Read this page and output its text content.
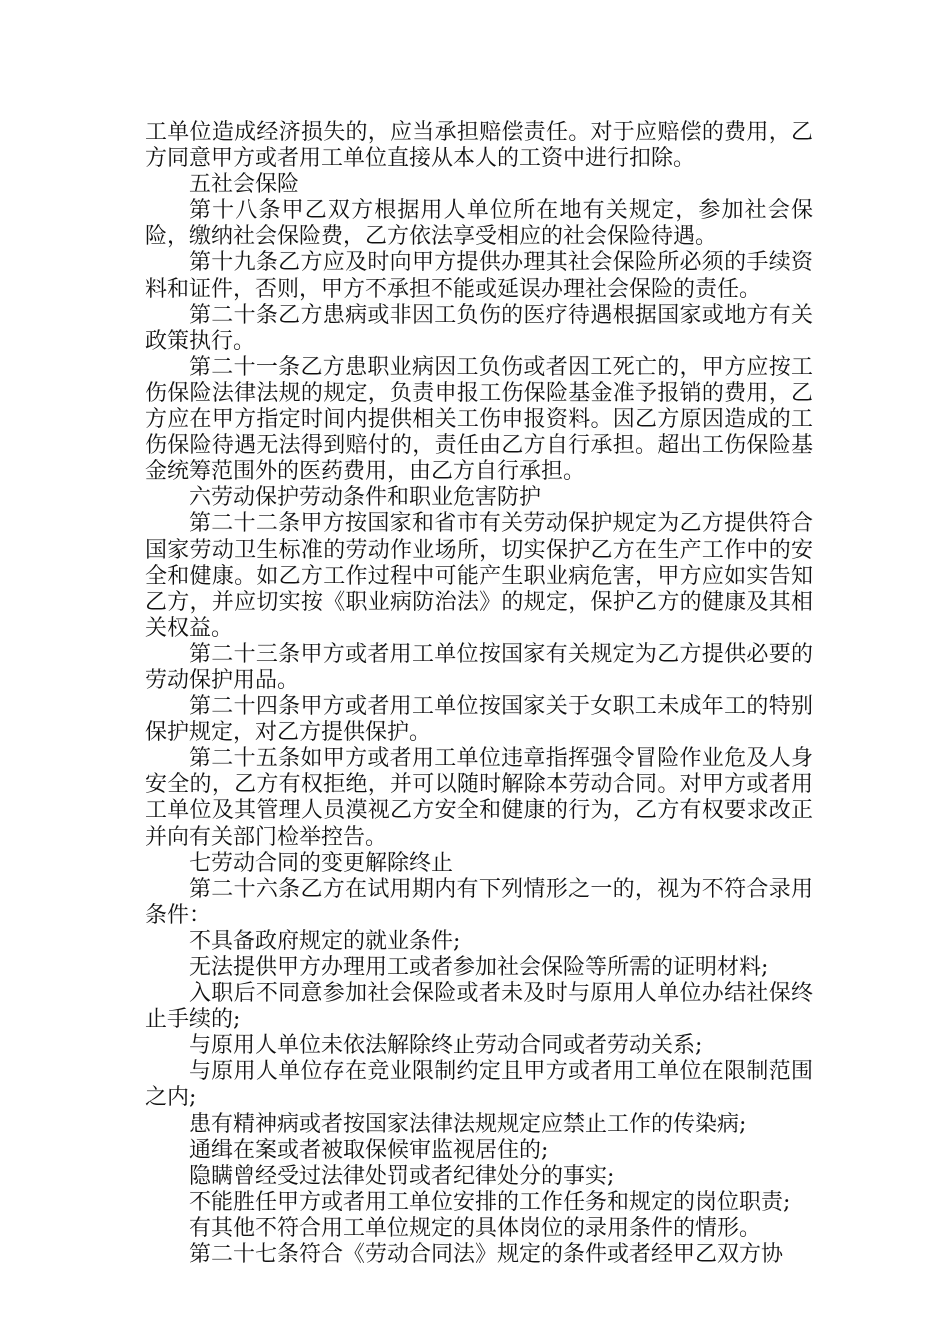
工单位造成经济损失的，应当承担赔偿责任。对于应赔偿的费用，乙方同意甲方或者用工单位直接从本人的工资中进行扣除。

五社会保险

第十八条甲乙双方根据用人单位所在地有关规定，参加社会保险，缴纳社会保险费，乙方依法享受相应的社会保险待遇。

第十九条乙方应及时向甲方提供办理其社会保险所必须的手续资料和证件，否则，甲方不承担不能或延误办理社会保险的责任。

第二十条乙方患病或非因工负伤的医疗待遇根据国家或地方有关政策执行。

第二十一条乙方患职业病因工负伤或者因工死亡的，甲方应按工伤保险法律法规的规定，负责申报工伤保险基金准予报销的费用，乙方应在甲方指定时间内提供相关工伤申报资料。因乙方原因造成的工伤保险待遇无法得到赔付的，责任由乙方自行承担。超出工伤保险基金统筹范围外的医药费用，由乙方自行承担。

六劳动保护劳动条件和职业危害防护

第二十二条甲方按国家和省市有关劳动保护规定为乙方提供符合国家劳动卫生标准的劳动作业场所，切实保护乙方在生产工作中的安全和健康。如乙方工作过程中可能产生职业病危害，甲方应如实告知乙方，并应切实按《职业病防治法》的规定，保护乙方的健康及其相关权益。

第二十三条甲方或者用工单位按国家有关规定为乙方提供必要的劳动保护用品。

第二十四条甲方或者用工单位按国家关于女职工未成年工的特别保护规定，对乙方提供保护。

第二十五条如甲方或者用工单位违章指挥强令冒险作业危及人身安全的，乙方有权拒绝，并可以随时解除本劳动合同。对甲方或者用工单位及其管理人员漠视乙方安全和健康的行为，乙方有权要求改正并向有关部门检举控告。

七劳动合同的变更解除终止

第二十六条乙方在试用期内有下列情形之一的，视为不符合录用条件：

不具备政府规定的就业条件;

无法提供甲方办理用工或者参加社会保险等所需的证明材料;

入职后不同意参加社会保险或者未及时与原用人单位办结社保终止手续的;

与原用人单位未依法解除终止劳动合同或者劳动关系;

与原用人单位存在竞业限制约定且甲方或者用工单位在限制范围之内;

患有精神病或者按国家法律法规规定应禁止工作的传染病;

通缉在案或者被取保候审监视居住的;

隐瞒曾经受过法律处罚或者纪律处分的事实;

不能胜任甲方或者用工单位安排的工作任务和规定的岗位职责;

有其他不符合用工单位规定的具体岗位的录用条件的情形。

第二十七条符合《劳动合同法》规定的条件或者经甲乙双方协
